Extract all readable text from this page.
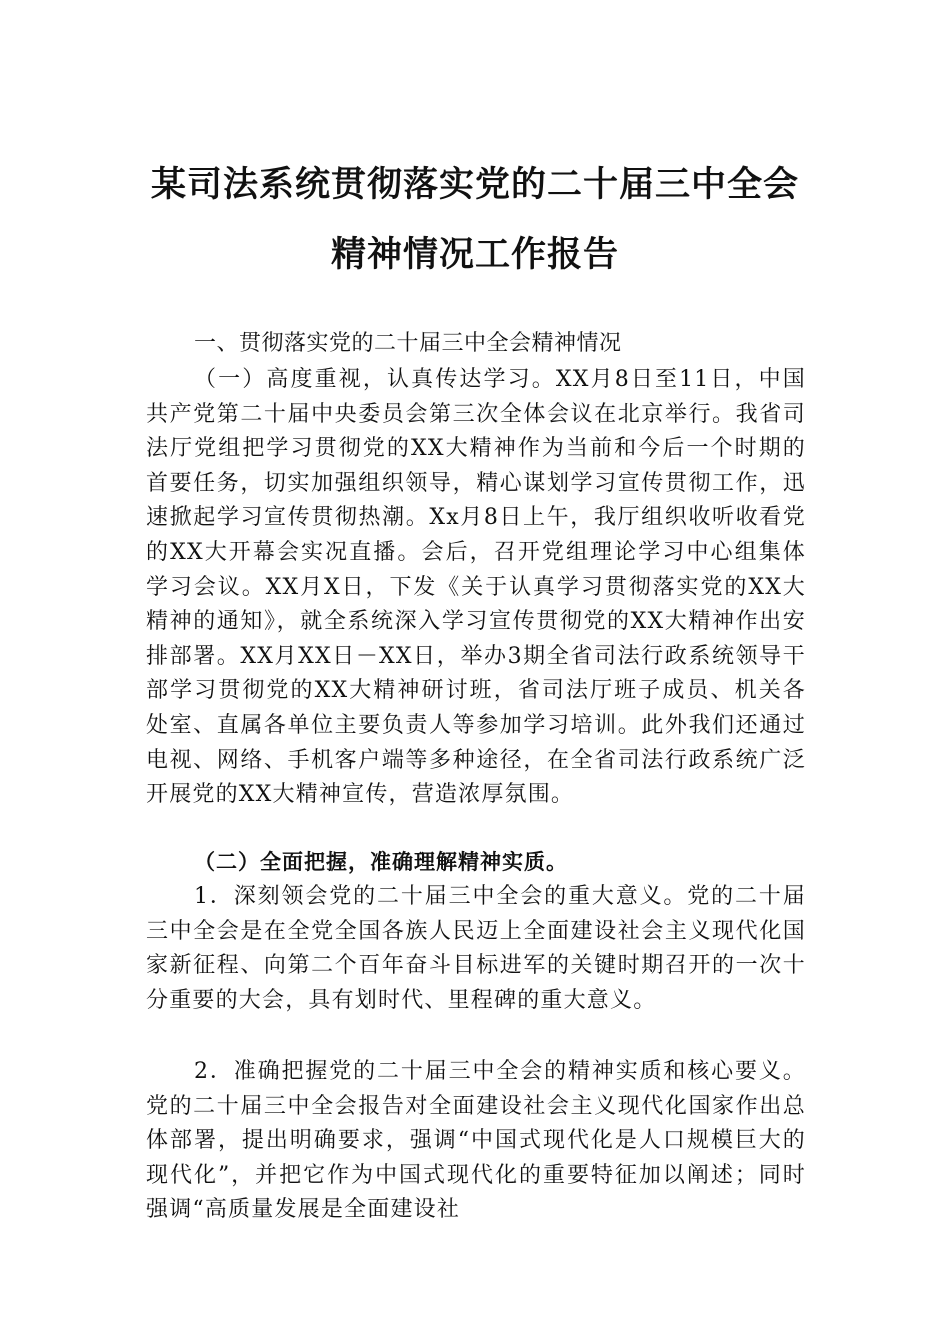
某司法系统贯彻落实党的二十届三中全会
精神情况工作报告
一、贯彻落实党的二十届三中全会精神情况

（一）高度重视，认真传达学习。XX月8日至11日，中国共产党第二十届中央委员会第三次全体会议在北京举行。我省司法厅党组把学习贯彻党的XX大精神作为当前和今后一个时期的首要任务，切实加强组织领导，精心谋划学习宣传贯彻工作，迅速掀起学习宣传贯彻热潮。Xx月8日上午，我厅组织收听收看党的XX大开幕会实况直播。会后，召开党组理论学习中心组集体学习会议。XX月X日，下发《关于认真学习贯彻落实党的XX大精神的通知》，就全系统深入学习宣传贯彻党的XX大精神作出安排部署。XX月XX日－XX日，举办3期全省司法行政系统领导干部学习贯彻党的XX大精神研讨班，省司法厅班子成员、机关各处室、直属各单位主要负责人等参加学习培训。此外我们还通过电视、网络、手机客户端等多种途径，在全省司法行政系统广泛开展党的XX大精神宣传，营造浓厚氛围。

（二）全面把握，准确理解精神实质。

1．深刻领会党的二十届三中全会的重大意义。党的二十届三中全会是在全党全国各族人民迈上全面建设社会主义现代化国家新征程、向第二个百年奋斗目标进军的关键时期召开的一次十分重要的大会，具有划时代、里程碑的重大意义。

2．准确把握党的二十届三中全会的精神实质和核心要义。党的二十届三中全会报告对全面建设社会主义现代化国家作出总体部署，提出明确要求，强调“中国式现代化是人口规模巨大的现代化”，并把它作为中国式现代化的重要特征加以阐述；同时强调“高质量发展是全面建设社
